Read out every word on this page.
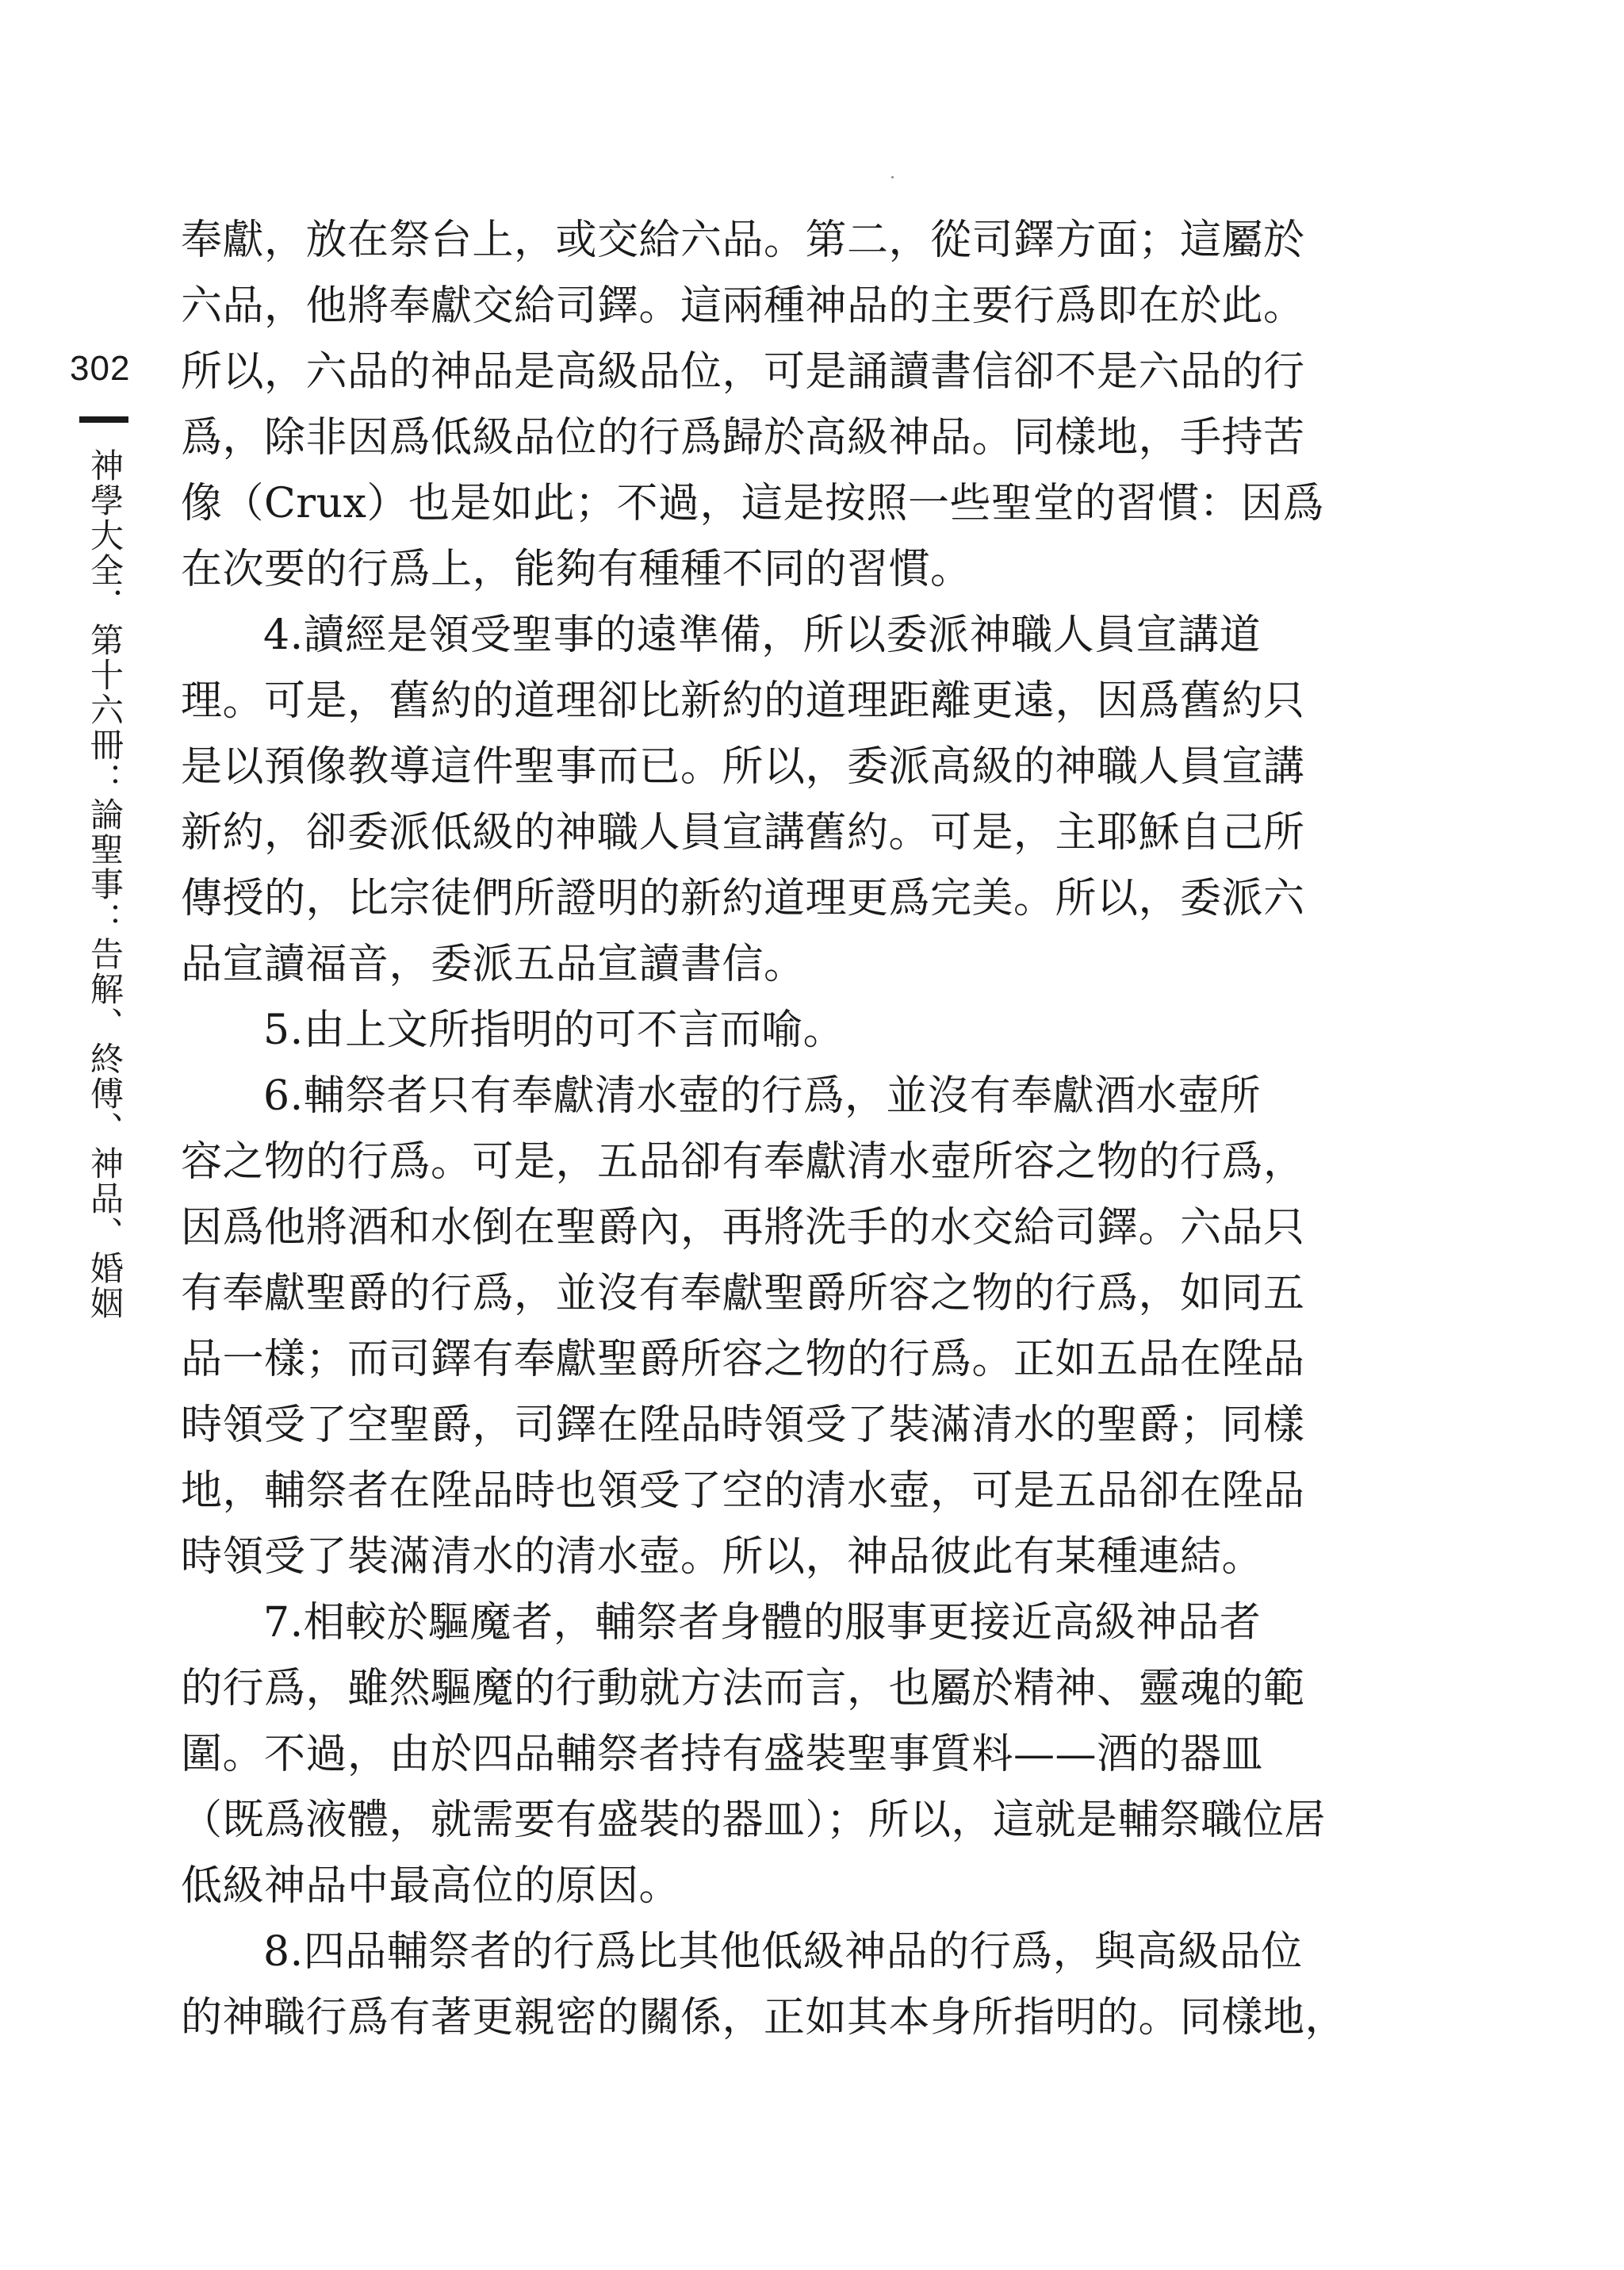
302
神學大全．第十六冊：論聖事：告解、終傅、神品、婚姻
奉獻，放在祭台上，或交給六品。第二，從司鐸方面；這屬於
六品，他將奉獻交給司鐸。這兩種神品的主要行爲即在於此。
所以，六品的神品是高級品位，可是誦讀書信卻不是六品的行
爲，除非因爲低級品位的行爲歸於高級神品。同樣地，手持苦
像（Crux）也是如此；不過，這是按照一些聖堂的習慣：因爲
在次要的行爲上，能夠有種種不同的習慣。
4.讀經是領受聖事的遠準備，所以委派神職人員宣講道
理。可是，舊約的道理卻比新約的道理距離更遠，因爲舊約只
是以預像教導這件聖事而已。所以，委派高級的神職人員宣講
新約，卻委派低級的神職人員宣講舊約。可是，主耶穌自己所
傳授的，比宗徒們所證明的新約道理更爲完美。所以，委派六
品宣讀福音，委派五品宣讀書信。
5.由上文所指明的可不言而喻。
6.輔祭者只有奉獻清水壺的行爲，並沒有奉獻酒水壺所
容之物的行爲。可是，五品卻有奉獻清水壺所容之物的行爲，
因爲他將酒和水倒在聖爵內，再將洗手的水交給司鐸。六品只
有奉獻聖爵的行爲，並沒有奉獻聖爵所容之物的行爲，如同五
品一樣；而司鐸有奉獻聖爵所容之物的行爲。正如五品在陞品
時領受了空聖爵，司鐸在陞品時領受了裝滿清水的聖爵；同樣
地，輔祭者在陞品時也領受了空的清水壺，可是五品卻在陞品
時領受了裝滿清水的清水壺。所以，神品彼此有某種連結。
7.相較於驅魔者，輔祭者身體的服事更接近高級神品者
的行爲，雖然驅魔的行動就方法而言，也屬於精神、靈魂的範
圍。不過，由於四品輔祭者持有盛裝聖事質料——酒的器皿
（既爲液體，就需要有盛裝的器皿）；所以，這就是輔祭職位居
低級神品中最高位的原因。
8.四品輔祭者的行爲比其他低級神品的行爲，與高級品位
的神職行爲有著更親密的關係，正如其本身所指明的。同樣地，
